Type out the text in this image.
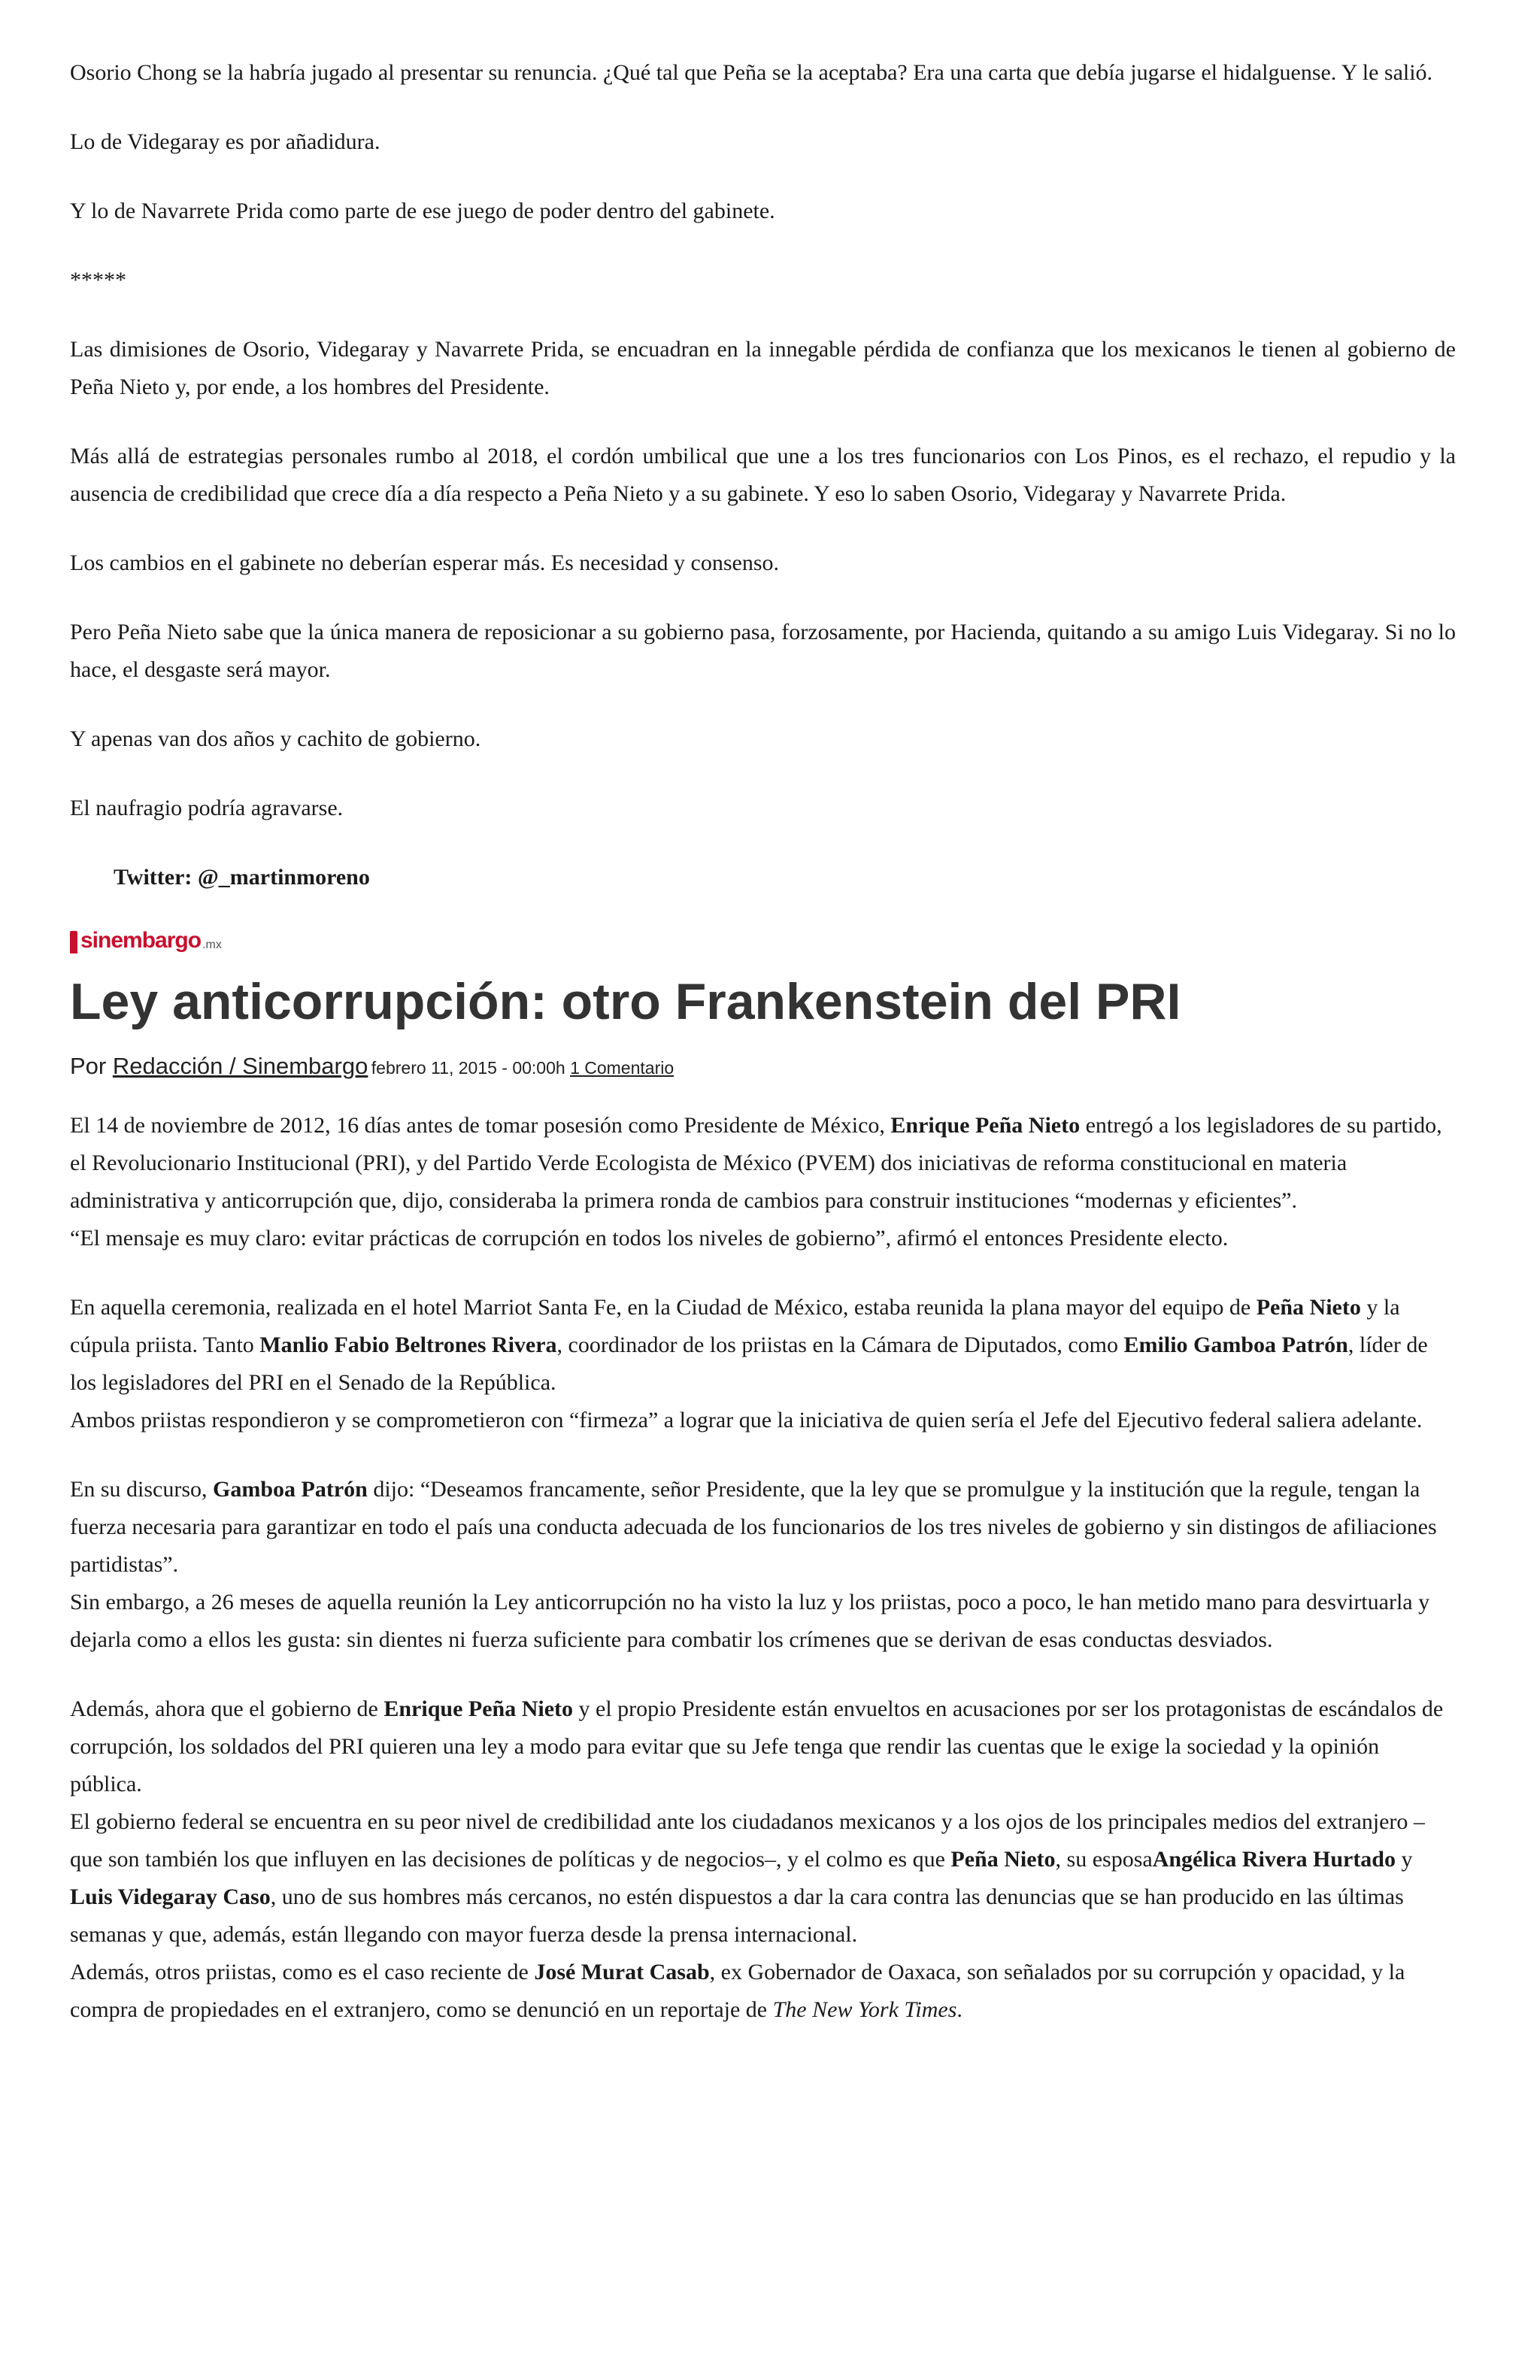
Osorio Chong se la habría jugado al presentar su renuncia. ¿Qué tal que Peña se la aceptaba? Era una carta que debía jugarse el hidalguense. Y le salió.

Lo de Videgaray es por añadidura.

Y lo de Navarrete Prida como parte de ese juego de poder dentro del gabinete.

*****

Las dimisiones de Osorio, Videgaray y Navarrete Prida, se encuadran en la innegable pérdida de confianza que los mexicanos le tienen al gobierno de Peña Nieto y, por ende, a los hombres del Presidente.

Más allá de estrategias personales rumbo al 2018, el cordón umbilical que une a los tres funcionarios con Los Pinos, es el rechazo, el repudio y la ausencia de credibilidad que crece día a día respecto a Peña Nieto y a su gabinete. Y eso lo saben Osorio, Videgaray y Navarrete Prida.

Los cambios en el gabinete no deberían esperar más. Es necesidad y consenso.

Pero Peña Nieto sabe que la única manera de reposicionar a su gobierno pasa, forzosamente, por Hacienda, quitando a su amigo Luis Videgaray. Si no lo hace, el desgaste será mayor.

Y apenas van dos años y cachito de gobierno.

El naufragio podría agravarse.

Twitter: @_martinmoreno
sinembargo .mx
Ley anticorrupción: otro Frankenstein del PRI
Por Redacción / Sinembargo febrero 11, 2015 - 00:00h 1 Comentario

El 14 de noviembre de 2012, 16 días antes de tomar posesión como Presidente de México, Enrique Peña Nieto entregó a los legisladores de su partido, el Revolucionario Institucional (PRI), y del Partido Verde Ecologista de México (PVEM) dos iniciativas de reforma constitucional en materia administrativa y anticorrupción que, dijo, consideraba la primera ronda de cambios para construir instituciones “modernas y eficientes”.
“El mensaje es muy claro: evitar prácticas de corrupción en todos los niveles de gobierno”, afirmó el entonces Presidente electo.

En aquella ceremonia, realizada en el hotel Marriot Santa Fe, en la Ciudad de México, estaba reunida la plana mayor del equipo de Peña Nieto y la cúpula priista. Tanto Manlio Fabio Beltrones Rivera, coordinador de los priistas en la Cámara de Diputados, como Emilio Gamboa Patrón, líder de los legisladores del PRI en el Senado de la República.
Ambos priistas respondieron y se comprometieron con “firmeza” a lograr que la iniciativa de quien sería el Jefe del Ejecutivo federal saliera adelante.

En su discurso, Gamboa Patrón dijo: “Deseamos francamente, señor Presidente, que la ley que se promulgue y la institución que la regule, tengan la fuerza necesaria para garantizar en todo el país una conducta adecuada de los funcionarios de los tres niveles de gobierno y sin distingos de afiliaciones partidistas”.
Sin embargo, a 26 meses de aquella reunión la Ley anticorrupción no ha visto la luz y los priistas, poco a poco, le han metido mano para desvirtuarla y dejarla como a ellos les gusta: sin dientes ni fuerza suficiente para combatir los crímenes que se derivan de esas conductas desviados.

Además, ahora que el gobierno de Enrique Peña Nieto y el propio Presidente están envueltos en acusaciones por ser los protagonistas de escándalos de corrupción, los soldados del PRI quieren una ley a modo para evitar que su Jefe tenga que rendir las cuentas que le exige la sociedad y la opinión pública.
El gobierno federal se encuentra en su peor nivel de credibilidad ante los ciudadanos mexicanos y a los ojos de los principales medios del extranjero –que son también los que influyen en las decisiones de políticas y de negocios–, y el colmo es que Peña Nieto, su esposaAngélica Rivera Hurtado y Luis Videgaray Caso, uno de sus hombres más cercanos, no estén dispuestos a dar la cara contra las denuncias que se han producido en las últimas semanas y que, además, están llegando con mayor fuerza desde la prensa internacional.
Además, otros priistas, como es el caso reciente de José Murat Casab, ex Gobernador de Oaxaca, son señalados por su corrupción y opacidad, y la compra de propiedades en el extranjero, como se denunció en un reportaje de The New York Times.
